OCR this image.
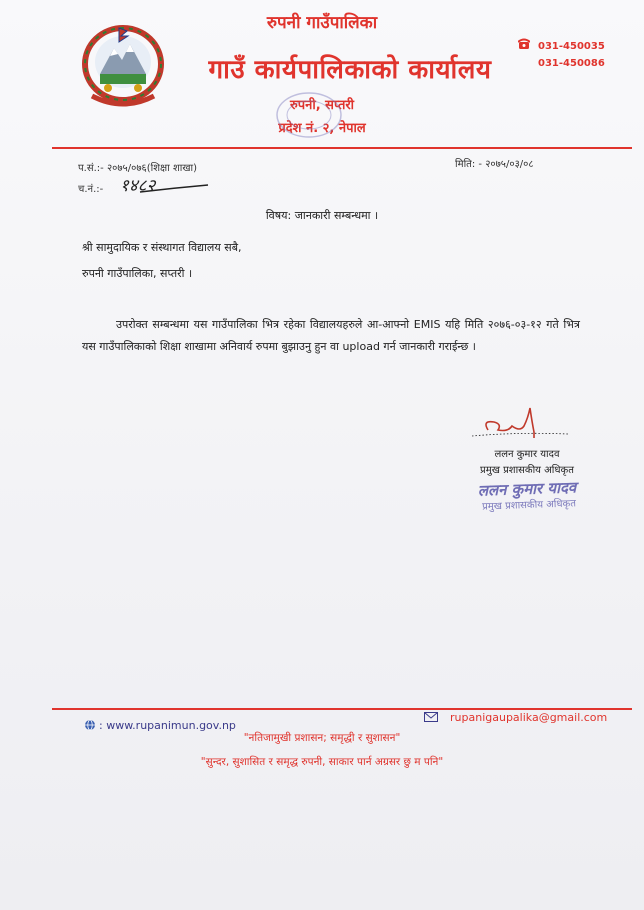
रुपनी गाउँपालिका
गाउँ कार्यपालिकाको कार्यालय
रुपनी, सप्तरी
प्रदेश नं. २, नेपाल
031-450035
031-450086
प.सं.:- २०७५/०७६(शिक्षा शाखा)
च.नं.:- १४८२
मिति: - २०७५/०३/०८
विषय: जानकारी सम्बन्धमा ।
श्री सामुदायिक र संस्थागत विद्यालय सबै,
रुपनी गाउँपालिका, सप्तरी ।
उपरोक्त सम्बन्धमा यस गाउँपालिका भित्र रहेका विद्यालयहरुले आ-आफ्नो EMIS यहि मिति २०७६-०३-१२ गते भित्र यस गाउँपालिकाको शिक्षा शाखामा अनिवार्य रुपमा बुझाउनु हुन वा upload गर्न जानकारी गराईन्छ ।
ललन कुमार यादव
प्रमुख प्रशासकीय अधिकृत
ललन कुमार यादव
प्रमुख प्रशासकीय अधिकृत
: www.rupanimun.gov.np
rupanigaupalika@gmail.com
"नतिजामुखी प्रशासन; समृद्धी र सुशासन"
"सुन्दर, सुशासित र समृद्ध रुपनी, साकार पार्न अग्रसर छु म पनि"
